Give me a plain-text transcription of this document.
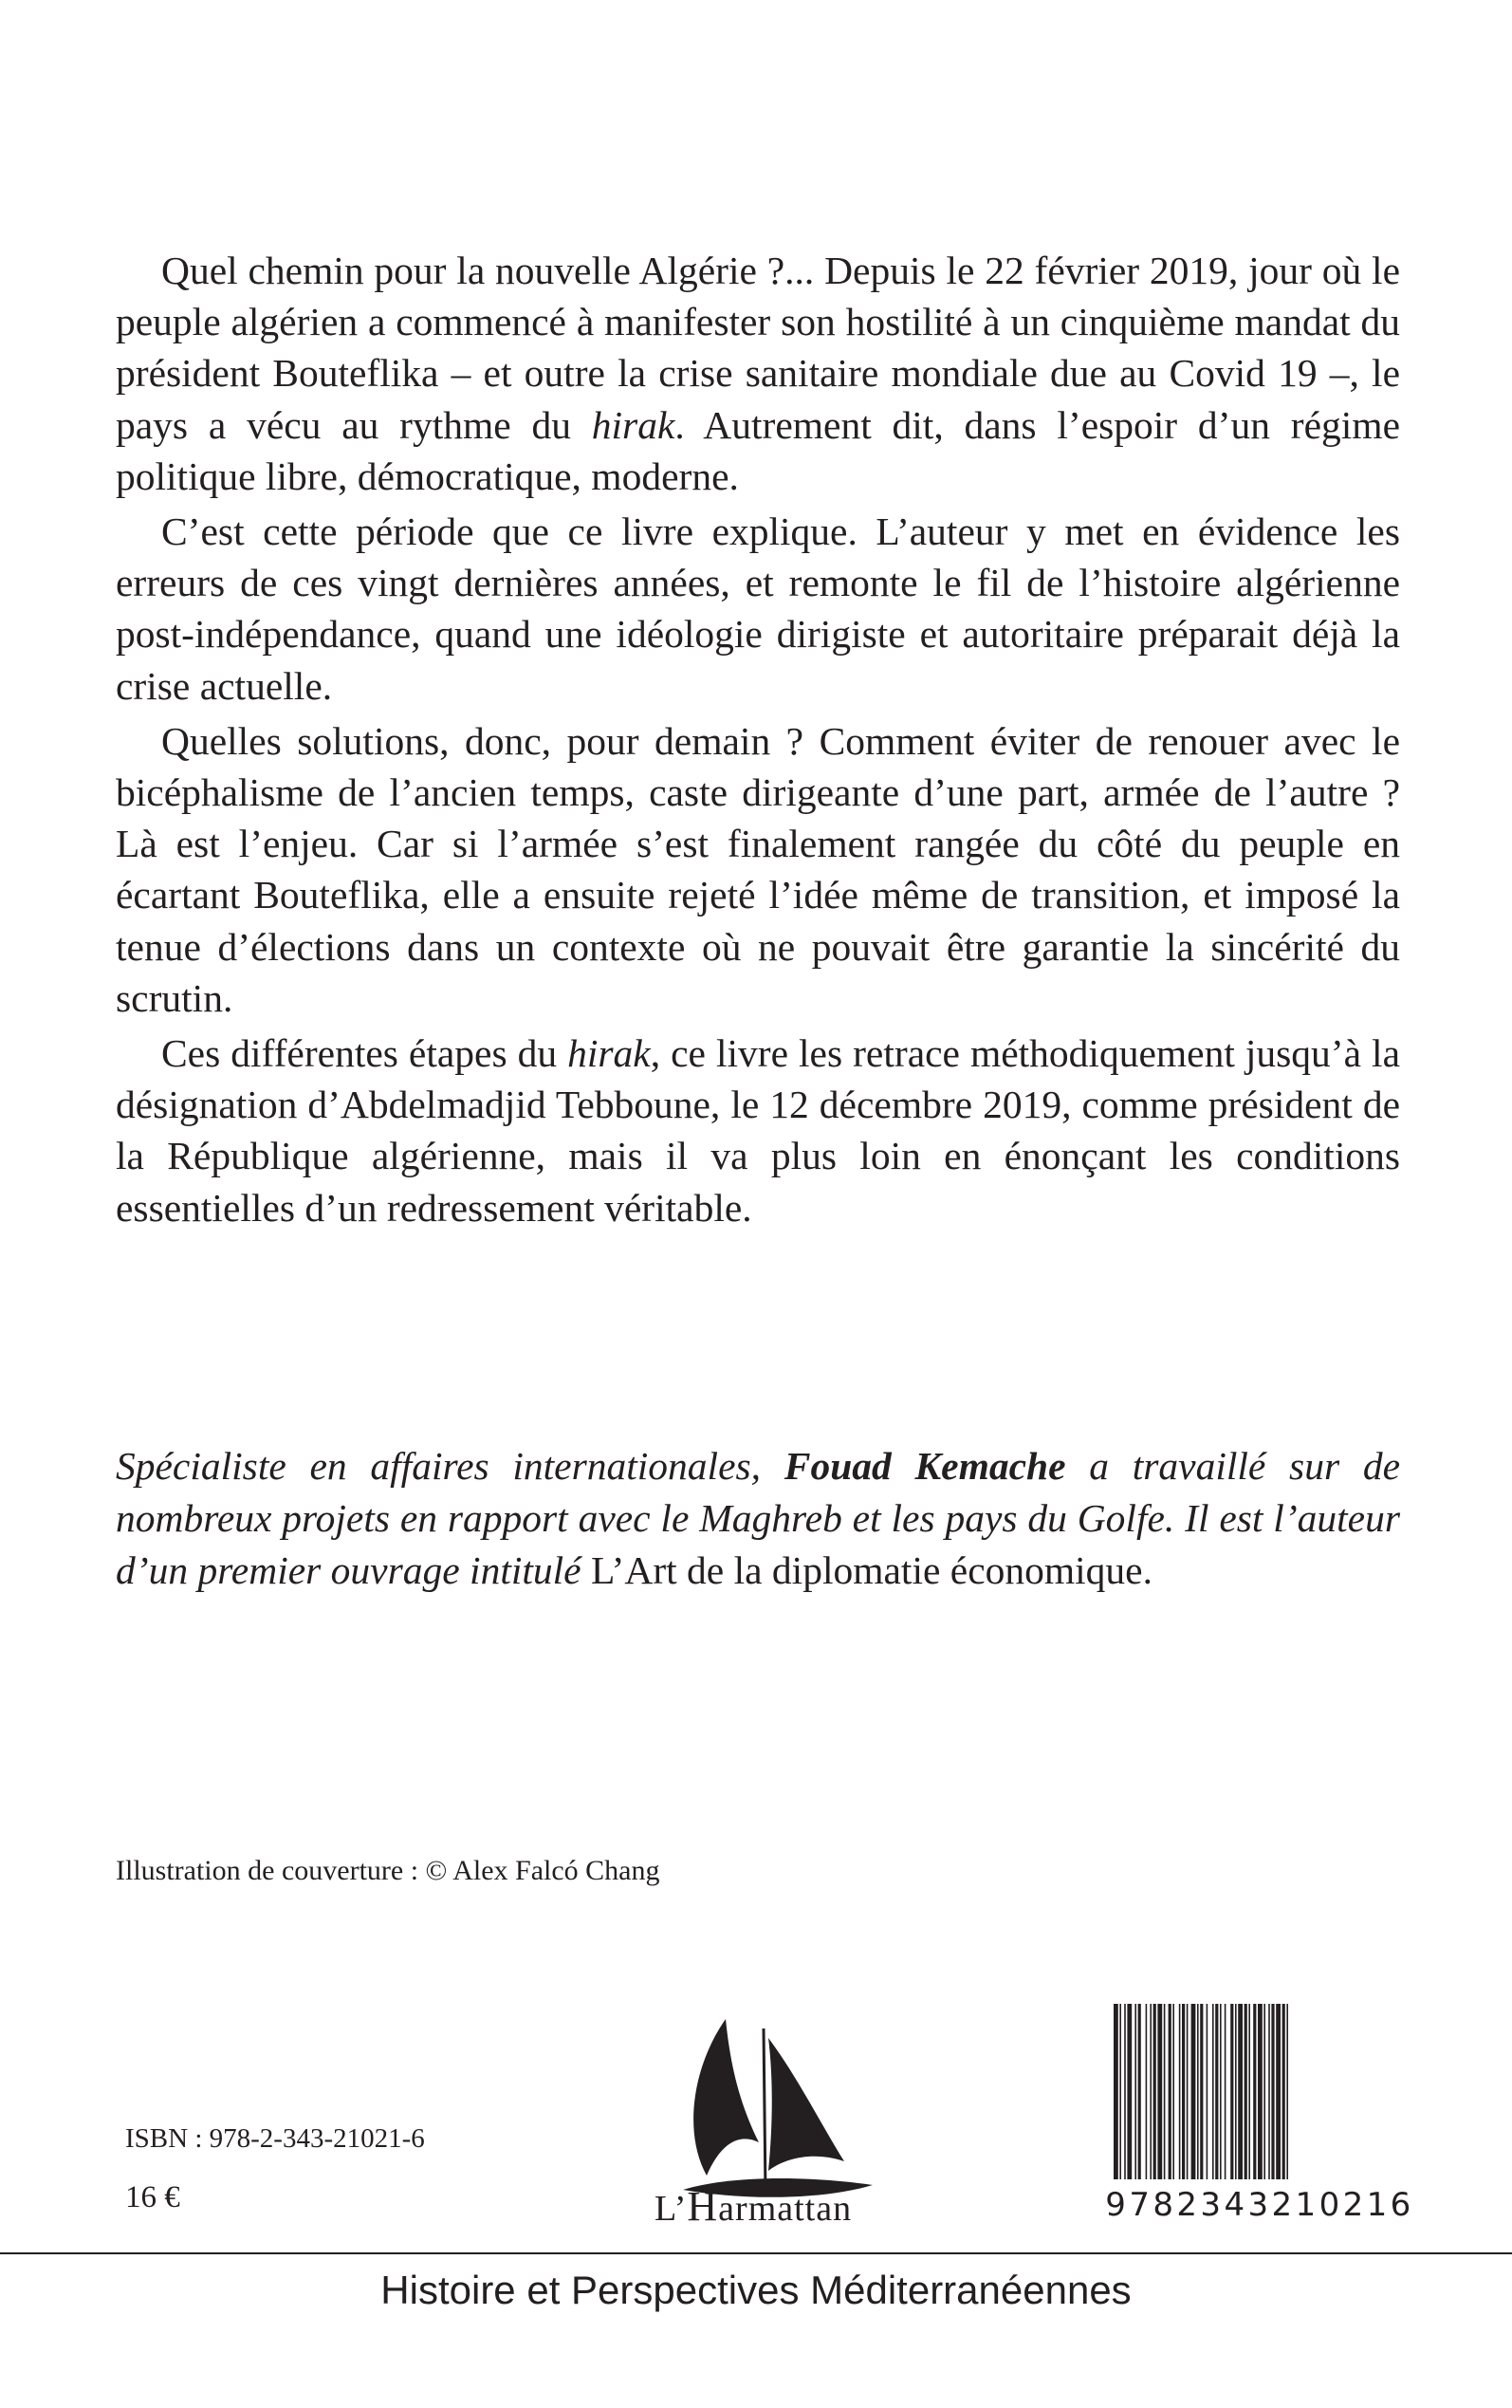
Quel chemin pour la nouvelle Algérie ?... Depuis le 22 février 2019, jour où le peuple algérien a commencé à manifester son hostilité à un cinquième mandat du président Bouteflika – et outre la crise sanitaire mondiale due au Covid 19 –, le pays a vécu au rythme du hirak. Autrement dit, dans l’espoir d’un régime politique libre, démocratique, moderne.

C’est cette période que ce livre explique. L’auteur y met en évidence les erreurs de ces vingt dernières années, et remonte le fil de l’histoire algérienne post-indépendance, quand une idéologie dirigiste et autoritaire préparait déjà la crise actuelle.

Quelles solutions, donc, pour demain ? Comment éviter de renouer avec le bicéphalisme de l’ancien temps, caste dirigeante d’une part, armée de l’autre ? Là est l’enjeu. Car si l’armée s’est finalement rangée du côté du peuple en écartant Bouteflika, elle a ensuite rejeté l’idée même de transition, et imposé la tenue d’élections dans un contexte où ne pouvait être garantie la sincérité du scrutin.

Ces différentes étapes du hirak, ce livre les retrace méthodiquement jusqu’à la désignation d’Abdelmadjid Tebboune, le 12 décembre 2019, comme président de la République algérienne, mais il va plus loin en énonçant les conditions essentielles d’un redressement véritable.

Spécialiste en affaires internationales, Fouad Kemache a travaillé sur de nombreux projets en rapport avec le Maghreb et les pays du Golfe. Il est l’auteur d’un premier ouvrage intitulé L’Art de la diplomatie économique.
Illustration de couverture : © Alex Falcó Chang
ISBN : 978-2-343-21021-6
16 €	L’Harmattan	9782343210216
Histoire et Perspectives Méditerranéennes
